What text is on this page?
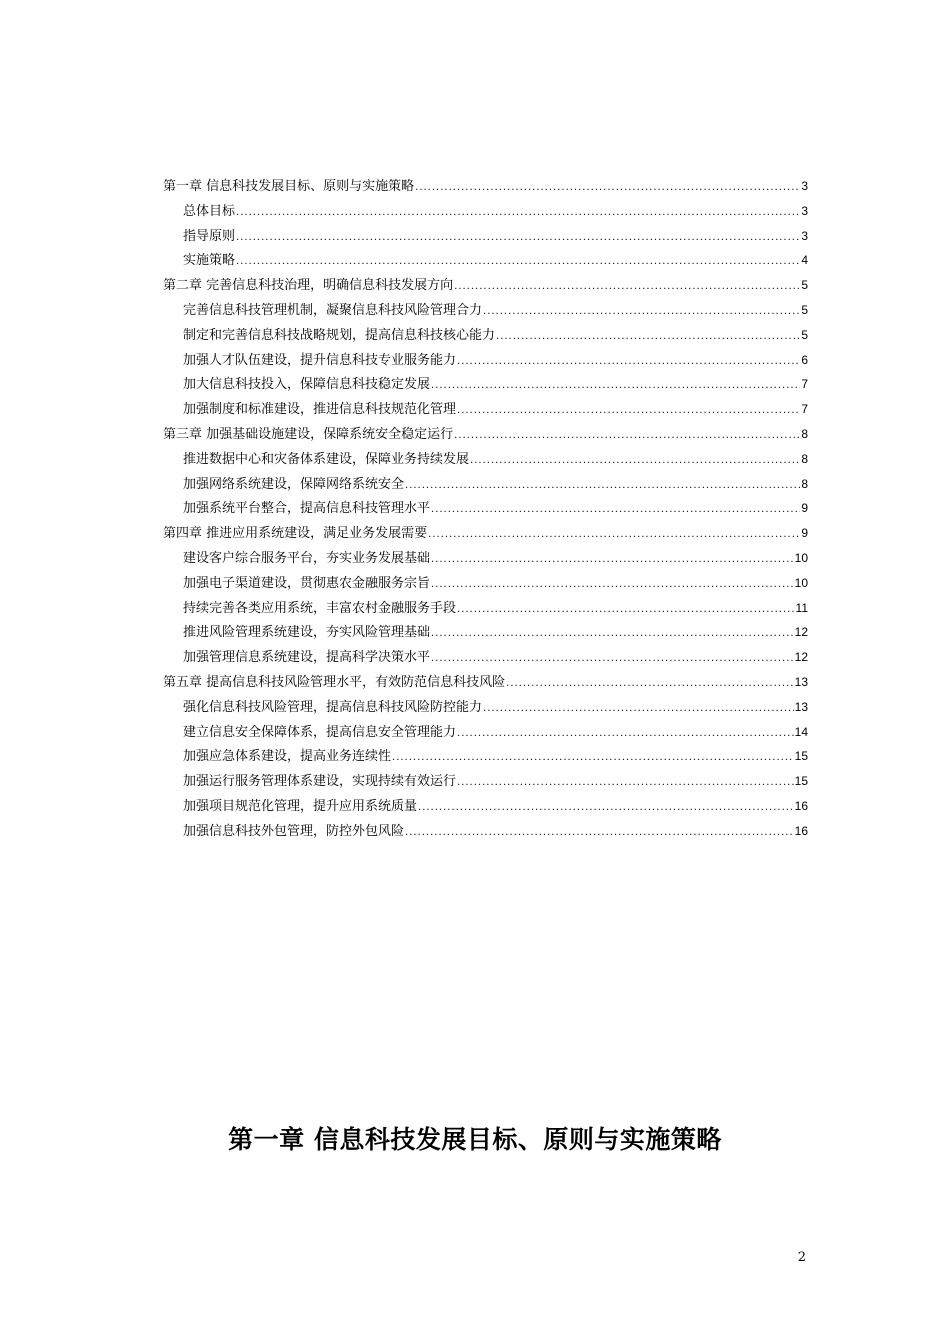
第一章 信息科技发展目标、原则与实施策略 .....	3
总体目标 .....	3
指导原则 .....	3
实施策略 .....	4
第二章 完善信息科技治理，明确信息科技发展方向 .....	5
完善信息科技管理机制，凝聚信息科技风险管理合力 .....	5
制定和完善信息科技战略规划，提高信息科技核心能力 .....	5
加强人才队伍建设，提升信息科技专业服务能力 .....	6
加大信息科技投入，保障信息科技稳定发展 .....	7
加强制度和标准建设，推进信息科技规范化管理 .....	7
第三章 加强基础设施建设，保障系统安全稳定运行 .....	8
推进数据中心和灾备体系建设，保障业务持续发展 .....	8
加强网络系统建设，保障网络系统安全 .....	8
加强系统平台整合，提高信息科技管理水平 .....	9
第四章 推进应用系统建设，满足业务发展需要 .....	9
建设客户综合服务平台，夯实业务发展基础 .....	10
加强电子渠道建设，贯彻惠农金融服务宗旨 .....	10
持续完善各类应用系统，丰富农村金融服务手段 .....	11
推进风险管理系统建设，夯实风险管理基础 .....	12
加强管理信息系统建设，提高科学决策水平 .....	12
第五章 提高信息科技风险管理水平，有效防范信息科技风险 .....	13
强化信息科技风险管理，提高信息科技风险防控能力 .....	13
建立信息安全保障体系，提高信息安全管理能力 .....	14
加强应急体系建设，提高业务连续性 .....	15
加强运行服务管理体系建设，实现持续有效运行 .....	15
加强项目规范化管理，提升应用系统质量 .....	16
加强信息科技外包管理，防控外包风险 .....	16
第一章 信息科技发展目标、原则与实施策略
2
